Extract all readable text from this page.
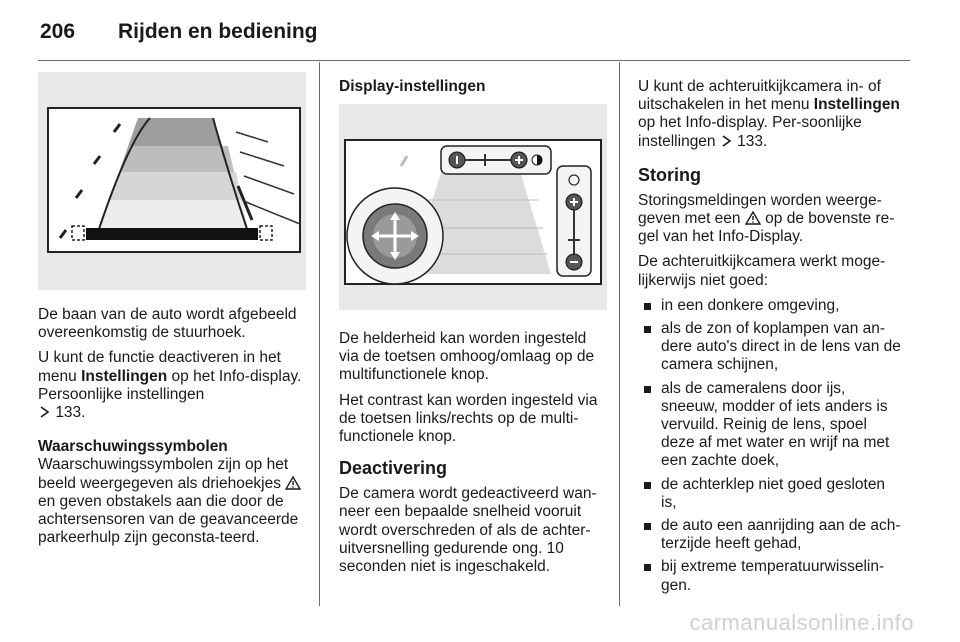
206 Rijden en bediening

De baan van de auto wordt afgebeeld overeenkomstig de stuurhoek.

U kunt de functie deactiveren in het menu Instellingen op het Info-display. Persoonlijke instellingen
133.

Waarschuwingssymbolen

Waarschuwingssymbolen zijn op het beeld weergegeven als driehoekjes  en geven obstakels aan die door de achtersensoren van de geavanceerde parkeerhulp zijn geconsta-teerd.

Display-instellingen

De helderheid kan worden ingesteld via de toetsen omhoog/omlaag op de multifunctionele knop.

Het contrast kan worden ingesteld via de toetsen links/rechts op de multi-functionele knop.

Deactivering

De camera wordt gedeactiveerd wan-neer een bepaalde snelheid vooruit wordt overschreden of als de achter-uitversnelling gedurende ong. 10 seconden niet is ingeschakeld.

U kunt de achteruitkijkcamera in- of uitschakelen in het menu Instellingen op het Info-display. Per-soonlijke instellingen  133.

Storing

Storingsmeldingen worden weerge-geven met een  op de bovenste re-gel van het Info-Display.

De achteruitkijkcamera werkt moge-lijkerwijs niet goed:

in een donkere omgeving,
als de zon of koplampen van an-dere auto's direct in de lens van de camera schijnen,
als de cameralens door ijs, sneeuw, modder of iets anders is vervuild. Reinig de lens, spoel deze af met water en wrijf na met een zachte doek,
de achterklep niet goed gesloten is,
de auto een aanrijding aan de ach-terzijde heeft gehad,
bij extreme temperatuurwisselin-gen.
carmanualsonline.info
